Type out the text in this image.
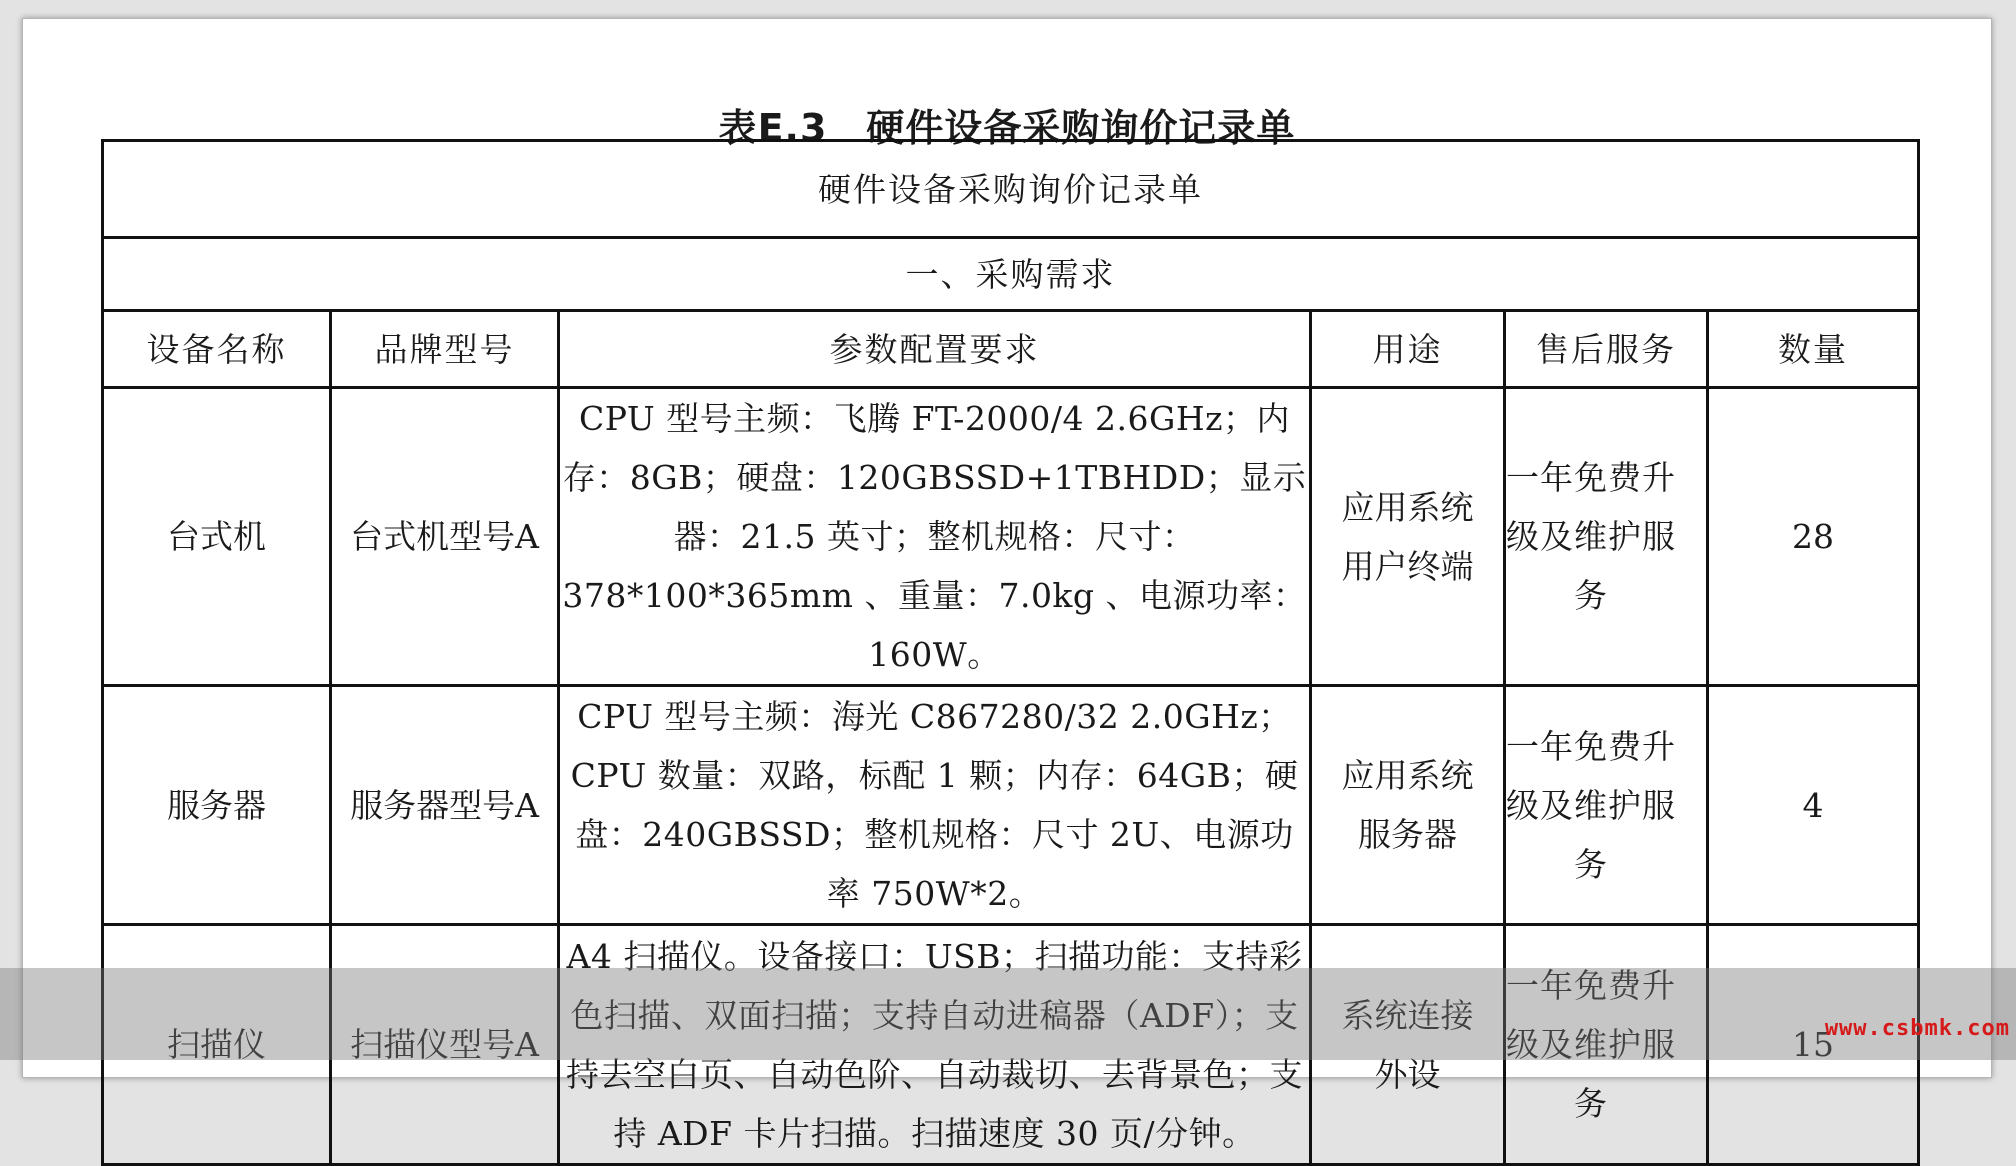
表E.3　硬件设备采购询价记录单
硬件设备采购询价记录单					
一、采购需求					
设备名称	品牌型号	参数配置要求	用途	售后服务	数量
台式机	台式机型号A	CPU 型号主频：飞腾 FT-2000/4 2.6GHz；内存：8GB；硬盘：120GBSSD+1TBHDD；显示器：21.5 英寸；整机规格：尺寸：378*100*365mm 、重量：7.0kg 、电源功率：160W。	应用系统用户终端	一年免费升级及维护服务	28
服务器	服务器型号A	CPU 型号主频：海光 C867280/32 2.0GHz；CPU 数量：双路，标配 1 颗；内存：64GB；硬盘：240GBSSD；整机规格：尺寸 2U、电源功率 750W*2。	应用系统服务器	一年免费升级及维护服务	4
扫描仪	扫描仪型号A	A4 扫描仪。设备接口：USB；扫描功能：支持彩色扫描、双面扫描；支持自动进稿器（ADF）；支持去空白页、自动色阶、自动裁切、去背景色；支持 ADF 卡片扫描。扫描速度 30 页/分钟。	系统连接外设	一年免费升级及维护服务	15
www.csbmk.com
